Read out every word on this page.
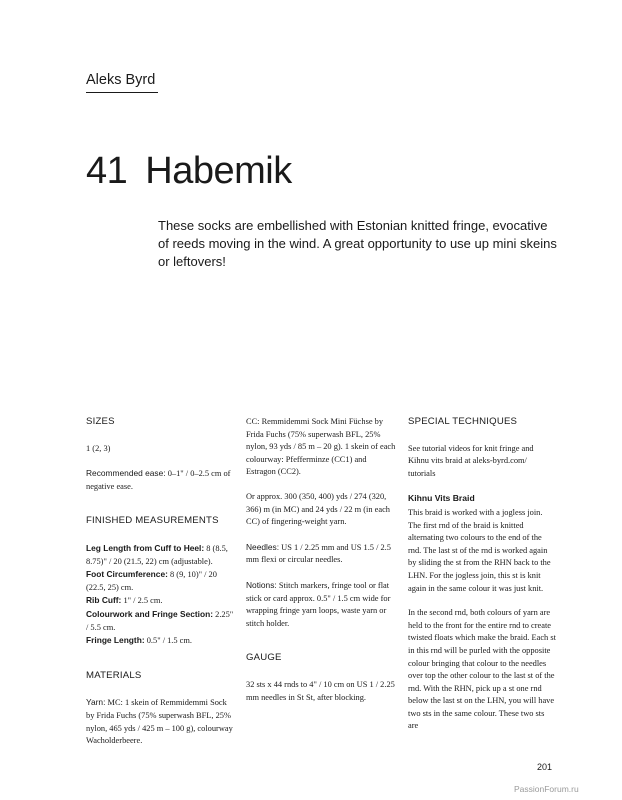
Aleks Byrd
41 Habemik
These socks are embellished with Estonian knitted fringe, evocative of reeds moving in the wind. A great opportunity to use up mini skeins or leftovers!
SIZES

1 (2, 3)

Recommended ease: 0–1" / 0–2.5 cm of negative ease.

FINISHED MEASUREMENTS
Leg Length from Cuff to Heel: 8 (8.5, 8.75)" / 20 (21.5, 22) cm (adjustable).
Foot Circumference: 8 (9, 10)" / 20 (22.5, 25) cm.
Rib Cuff: 1" / 2.5 cm.
Colourwork and Fringe Section: 2.25" / 5.5 cm.

Fringe Length: 0.5" / 1.5 cm.

MATERIALS

Yarn: MC: 1 skein of Remmidemmi Sock by Frida Fuchs (75% superwash BFL, 25% nylon, 465 yds / 425 m – 100 g), colourway Wacholderbeere.

CC: Remmidemmi Sock Mini Füchse by Frida Fuchs (75% superwash BFL, 25% nylon, 93 yds / 85 m – 20 g). 1 skein of each colourway: Pfefferminze (CC1) and Estragon (CC2).

Or approx. 300 (350, 400) yds / 274 (320, 366) m (in MC) and 24 yds / 22 m (in each CC) of fingering-weight yarn.

Needles: US 1 / 2.25 mm and US 1.5 / 2.5 mm flexi or circular needles.

Notions: Stitch markers, fringe tool or flat stick or card approx. 0.5" / 1.5 cm wide for wrapping fringe yarn loops, waste yarn or stitch holder.

GAUGE

32 sts x 44 rnds to 4" / 10 cm on US 1 / 2.25 mm needles in St St, after blocking.

SPECIAL TECHNIQUES

See tutorial videos for knit fringe and Kihnu vits braid at aleks-byrd.com/ tutorials

Kihnu Vits Braid

This braid is worked with a jogless join. The first rnd of the braid is knitted alternating two colours to the end of the rnd. The last st of the rnd is worked again by sliding the st from the RHN back to the LHN. For the jogless join, this st is knit again in the same colour it was just knit.

In the second rnd, both colours of yarn are held to the front for the entire rnd to create twisted floats which make the braid. Each st in this rnd will be purled with the opposite colour bringing that colour to the needles over top the other colour to the last st of the rnd. With the RHN, pick up a st one rnd below the last st on the LHN, you will have two sts in the same colour. These two sts are

201
PassionForum.ru
